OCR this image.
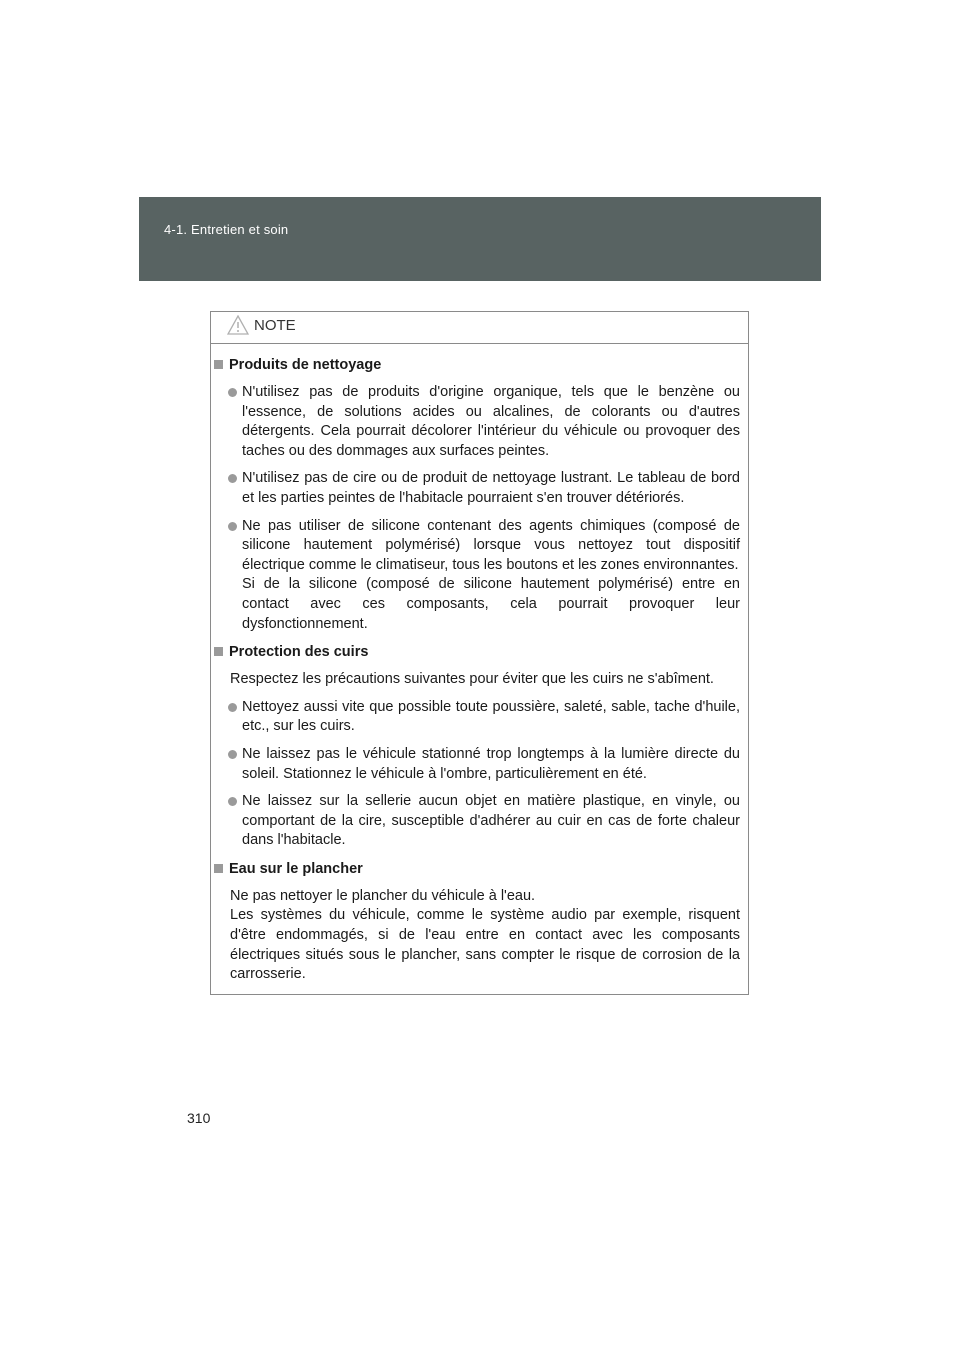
4-1. Entretien et soin
NOTE
Produits de nettoyage
N'utilisez pas de produits d'origine organique, tels que le benzène ou l'essence, de solutions acides ou alcalines, de colorants ou d'autres détergents. Cela pourrait décolorer l'intérieur du véhicule ou provoquer des taches ou des dommages aux surfaces peintes.
N'utilisez pas de cire ou de produit de nettoyage lustrant. Le tableau de bord et les parties peintes de l'habitacle pourraient s'en trouver détériorés.
Ne pas utiliser de silicone contenant des agents chimiques (composé de silicone hautement polymérisé) lorsque vous nettoyez tout dispositif électrique comme le climatiseur, tous les boutons et les zones environnantes.
Si de la silicone (composé de silicone hautement polymérisé) entre en contact avec ces composants, cela pourrait provoquer leur dysfonctionnement.
Protection des cuirs
Respectez les précautions suivantes pour éviter que les cuirs ne s'abîment.
Nettoyez aussi vite que possible toute poussière, saleté, sable, tache d'huile, etc., sur les cuirs.
Ne laissez pas le véhicule stationné trop longtemps à la lumière directe du soleil. Stationnez le véhicule à l'ombre, particulièrement en été.
Ne laissez sur la sellerie aucun objet en matière plastique, en vinyle, ou comportant de la cire, susceptible d'adhérer au cuir en cas de forte chaleur dans l'habitacle.
Eau sur le plancher
Ne pas nettoyer le plancher du véhicule à l'eau.
Les systèmes du véhicule, comme le système audio par exemple, risquent d'être endommagés, si de l'eau entre en contact avec les composants électriques situés sous le plancher, sans compter le risque de corrosion de la carrosserie.
310
